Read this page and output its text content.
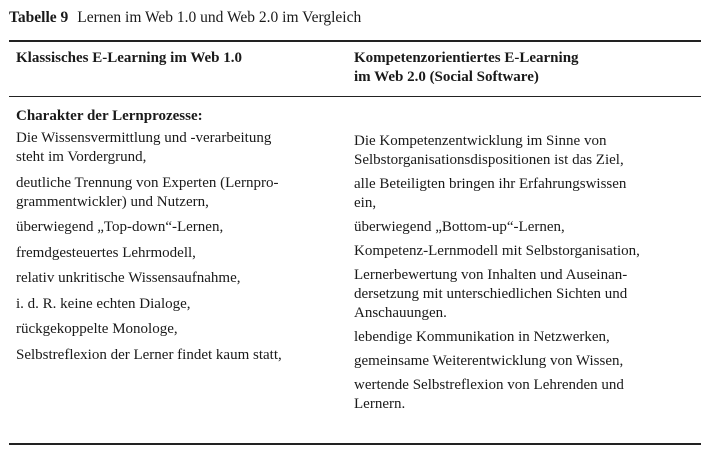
Tabelle 9 Lernen im Web 1.0 und Web 2.0 im Vergleich
Klassisches E-Learning im Web 1.0	Kompetenzorientiertes E-Learning
im Web 2.0 (Social Software)
Charakter der Lernprozesse:

Die Wissensvermittlung und -verarbeitung
steht im Vordergrund,

deutliche Trennung von Experten (Lernpro-
grammentwickler) und Nutzern,

überwiegend „Top-down“-Lernen,

fremdgesteuertes Lehrmodell,

relativ unkritische Wissensaufnahme,

i. d. R. keine echten Dialoge,

rückgekoppelte Monologe,

Selbstreflexion der Lerner findet kaum statt,

Die Kompetenzentwicklung im Sinne von
Selbstorganisationsdispositionen ist das Ziel,

alle Beteiligten bringen ihr Erfahrungswissen
ein,

überwiegend „Bottom-up“-Lernen,

Kompetenz-Lernmodell mit Selbstorganisation,

Lernerbewertung von Inhalten und Auseinan-
dersetzung mit unterschiedlichen Sichten und
Anschauungen.

lebendige Kommunikation in Netzwerken,

gemeinsame Weiterentwicklung von Wissen,

wertende Selbstreflexion von Lehrenden und
Lernern.
